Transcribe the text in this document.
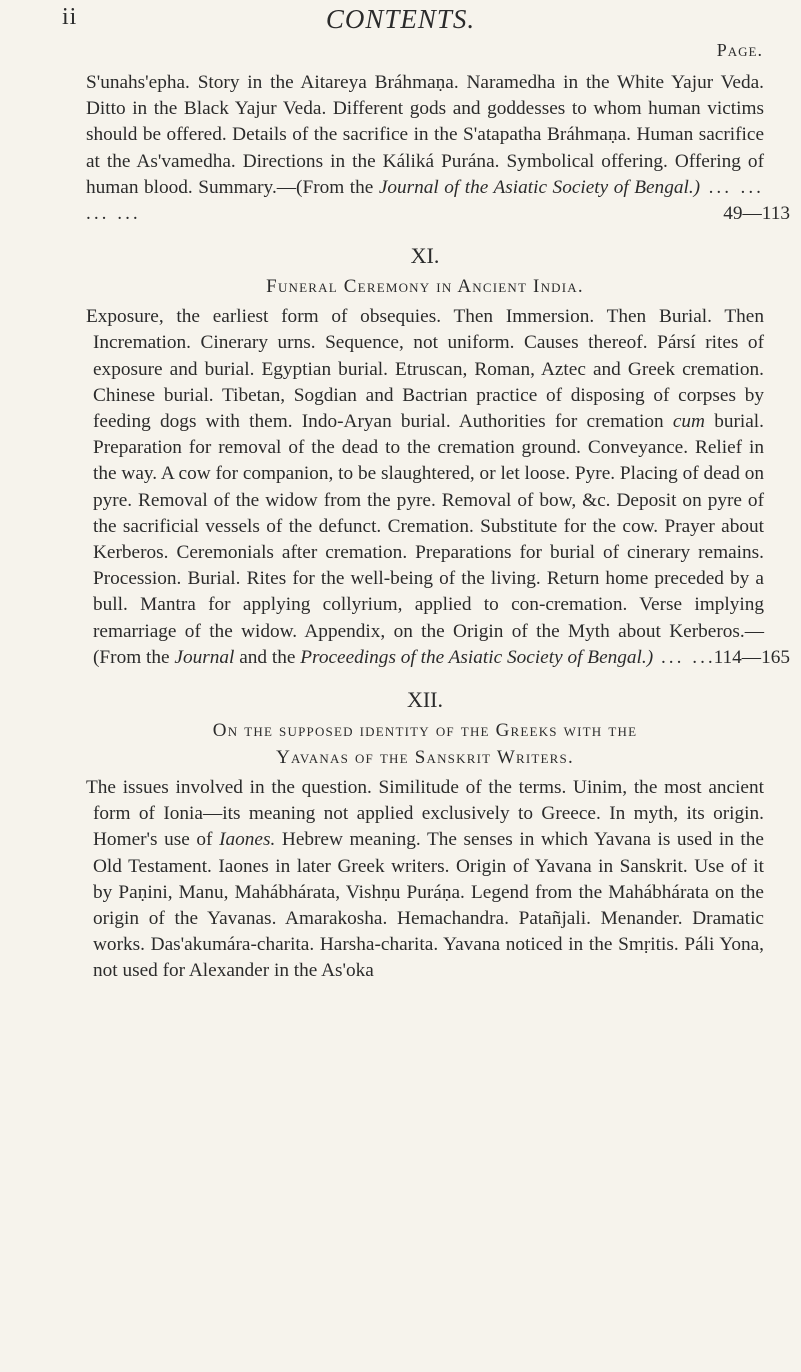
ii	CONTENTS.
Page.

S'unahs'epha. Story in the Aitareya Bráhmaṇa. Naramedha in the White Yajur Veda. Ditto in the Black Yajur Veda. Different gods and goddesses to whom human victims should be offered. Details of the sacrifice in the S'atapatha Bráhmaṇa. Human sacrifice at the As'vamedha. Directions in the Káliká Purána. Symbolical offering. Offering of human blood. Summary.—(From the Journal of the Asiatic Society of Bengal.) ... ... ... ...	49—113

XI.
Funeral Ceremony in Ancient India.

Exposure, the earliest form of obsequies. Then Immersion. Then Burial. Then Incremation. Cinerary urns. Sequence, not uniform. Causes thereof. Pársí rites of exposure and burial. Egyptian burial. Etruscan, Roman, Aztec and Greek cremation. Chinese burial. Tibetan, Sogdian and Bactrian practice of disposing of corpses by feeding dogs with them. Indo-Aryan burial. Authorities for cremation cum burial. Preparation for removal of the dead to the cremation ground. Conveyance. Relief in the way. A cow for companion, to be slaughtered, or let loose. Pyre. Placing of dead on pyre. Removal of the widow from the pyre. Removal of bow, &c. Deposit on pyre of the sacrificial vessels of the defunct. Cremation. Substitute for the cow. Prayer about Kerberos. Ceremonials after cremation. Preparations for burial of cinerary remains. Procession. Burial. Rites for the well-being of the living. Return home preceded by a bull. Mantra for applying collyrium, applied to con-cremation. Verse implying remarriage of the widow. Appendix, on the Origin of the Myth about Kerberos.—(From the Journal and the Proceedings of the Asiatic Society of Bengal.) ... ...
114—165

XII.
On the supposed identity of the Greeks with the
Yavanas of the Sanskrit Writers.

The issues involved in the question. Similitude of the terms. Uinim, the most ancient form of Ionia—its meaning not applied exclusively to Greece. In myth, its origin. Homer's use of Iaones. Hebrew meaning. The senses in which Yavana is used in the Old Testament. Iaones in later Greek writers. Origin of Yavana in Sanskrit. Use of it by Paṇini, Manu, Mahábhárata, Vishṇu Puráṇa. Legend from the Mahábhárata on the origin of the Yavanas. Amarakosha. Hemachandra. Patañjali. Menander. Dramatic works. Das'akumára-charita. Harsha-charita. Yavana noticed in the Smṛitis. Páli Yona, not used for Alexander in the As'oka
